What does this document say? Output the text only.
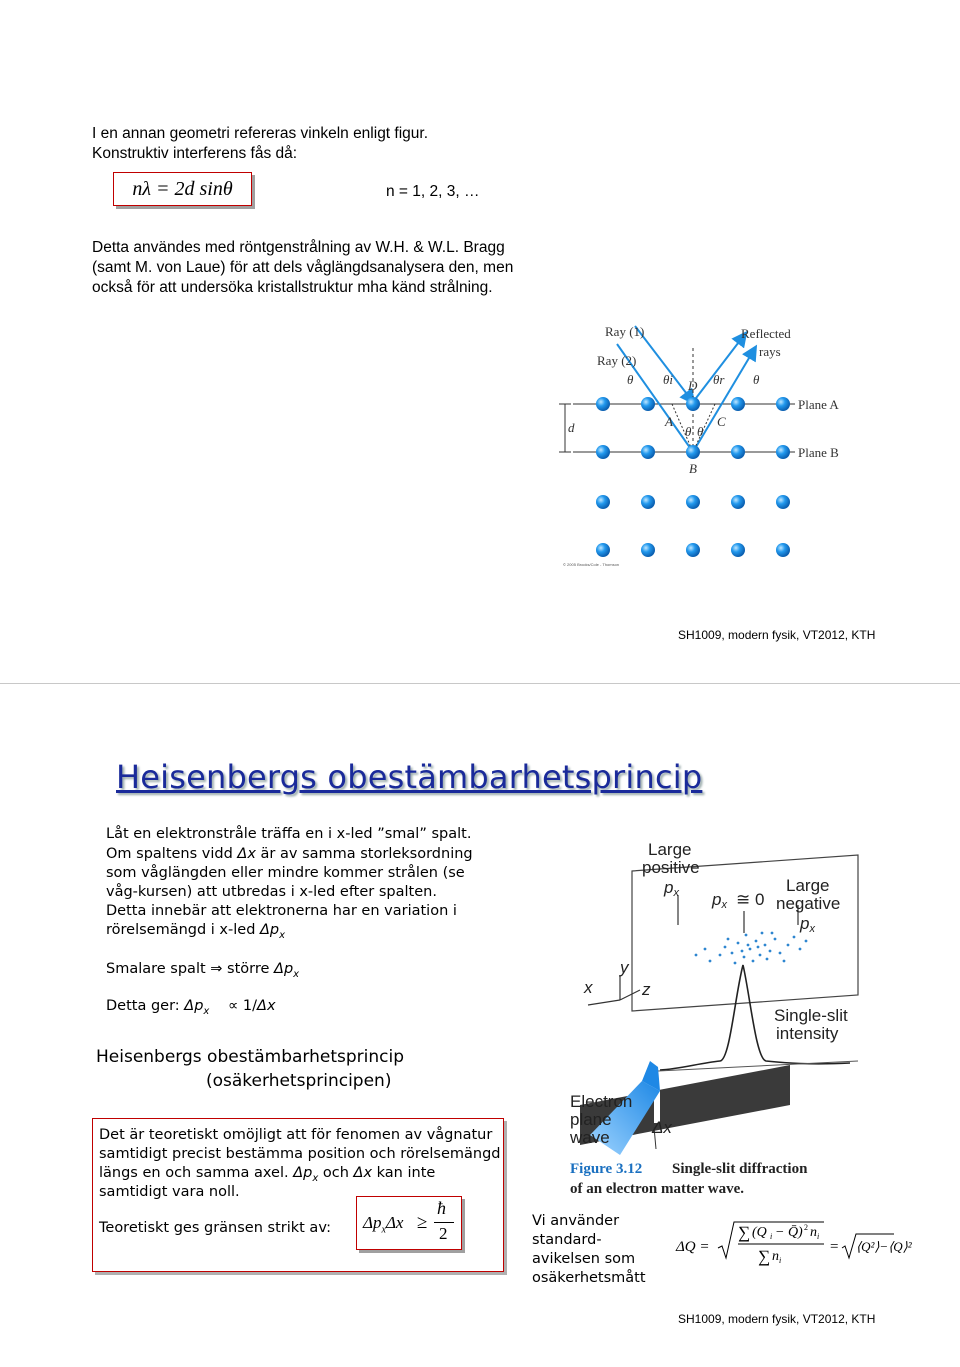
I en annan geometri refereras vinkeln enligt figur.
Konstruktiv interferens fås då:
nλ = 2d sinθ	n = 1, 2, 3, …
Detta användes med röntgenstrålning av W.H. & W.L. Bragg
(samt M. von Laue) för att dels våglängdsanalysera den, men
också för att undersöka kristallstruktur mha känd strålning.
d
Ray (1)
Ray (2)
Reflected
rays
θ θi D θr θ
A
θ θ
C
B
Plane A
Plane B
© 2005 Brooks/Cole - Thomson
SH1009, modern fysik, VT2012, KTH
Heisenbergs obestämbarhetsprincip
Låt en elektronstråle träffa en i x-led ”smal” spalt.
Om spaltens vidd Δx är av samma storleksordning
som våglängden eller mindre kommer strålen (se
våg-kursen) att utbredas i x-led efter spalten.
Detta innebär att elektronerna har en variation i
rörelsemängd i x-led $\Delta p_x$
Smalare spalt ⇒ större $\Delta p_x$
Detta ger: $\Delta p_x \propto 1/\Delta x$
Heisenbergs obestämbarhetsprincip
(osäkerhetsprincipen)
Det är teoretiskt omöjligt att för fenomen av vågnatur
samtidigt precist bestämma position och rörelsemängd
längs en och samma axel. $\Delta p_x$ och Δx kan inte
samtidigt vara noll.
Teoretiskt ges gränsen strikt av: $\Delta p_x\Delta x$ ≥
ħ
2
Vi använder
standard-
avikelsen som
osäkerhetsmått
ΔQ =
∑ (Q i − Q̄) 2 n i
∑ n i
= ⟨Q²⟩−⟨Q⟩²
Large
positive
px px ≅ 0
Large
negative
px
x
y
z
Single-slit
intensity
Electron
plane
wave
Δx
Figure 3.12 Single-slit diffraction
of an electron matter wave.
SH1009, modern fysik, VT2012, KTH
